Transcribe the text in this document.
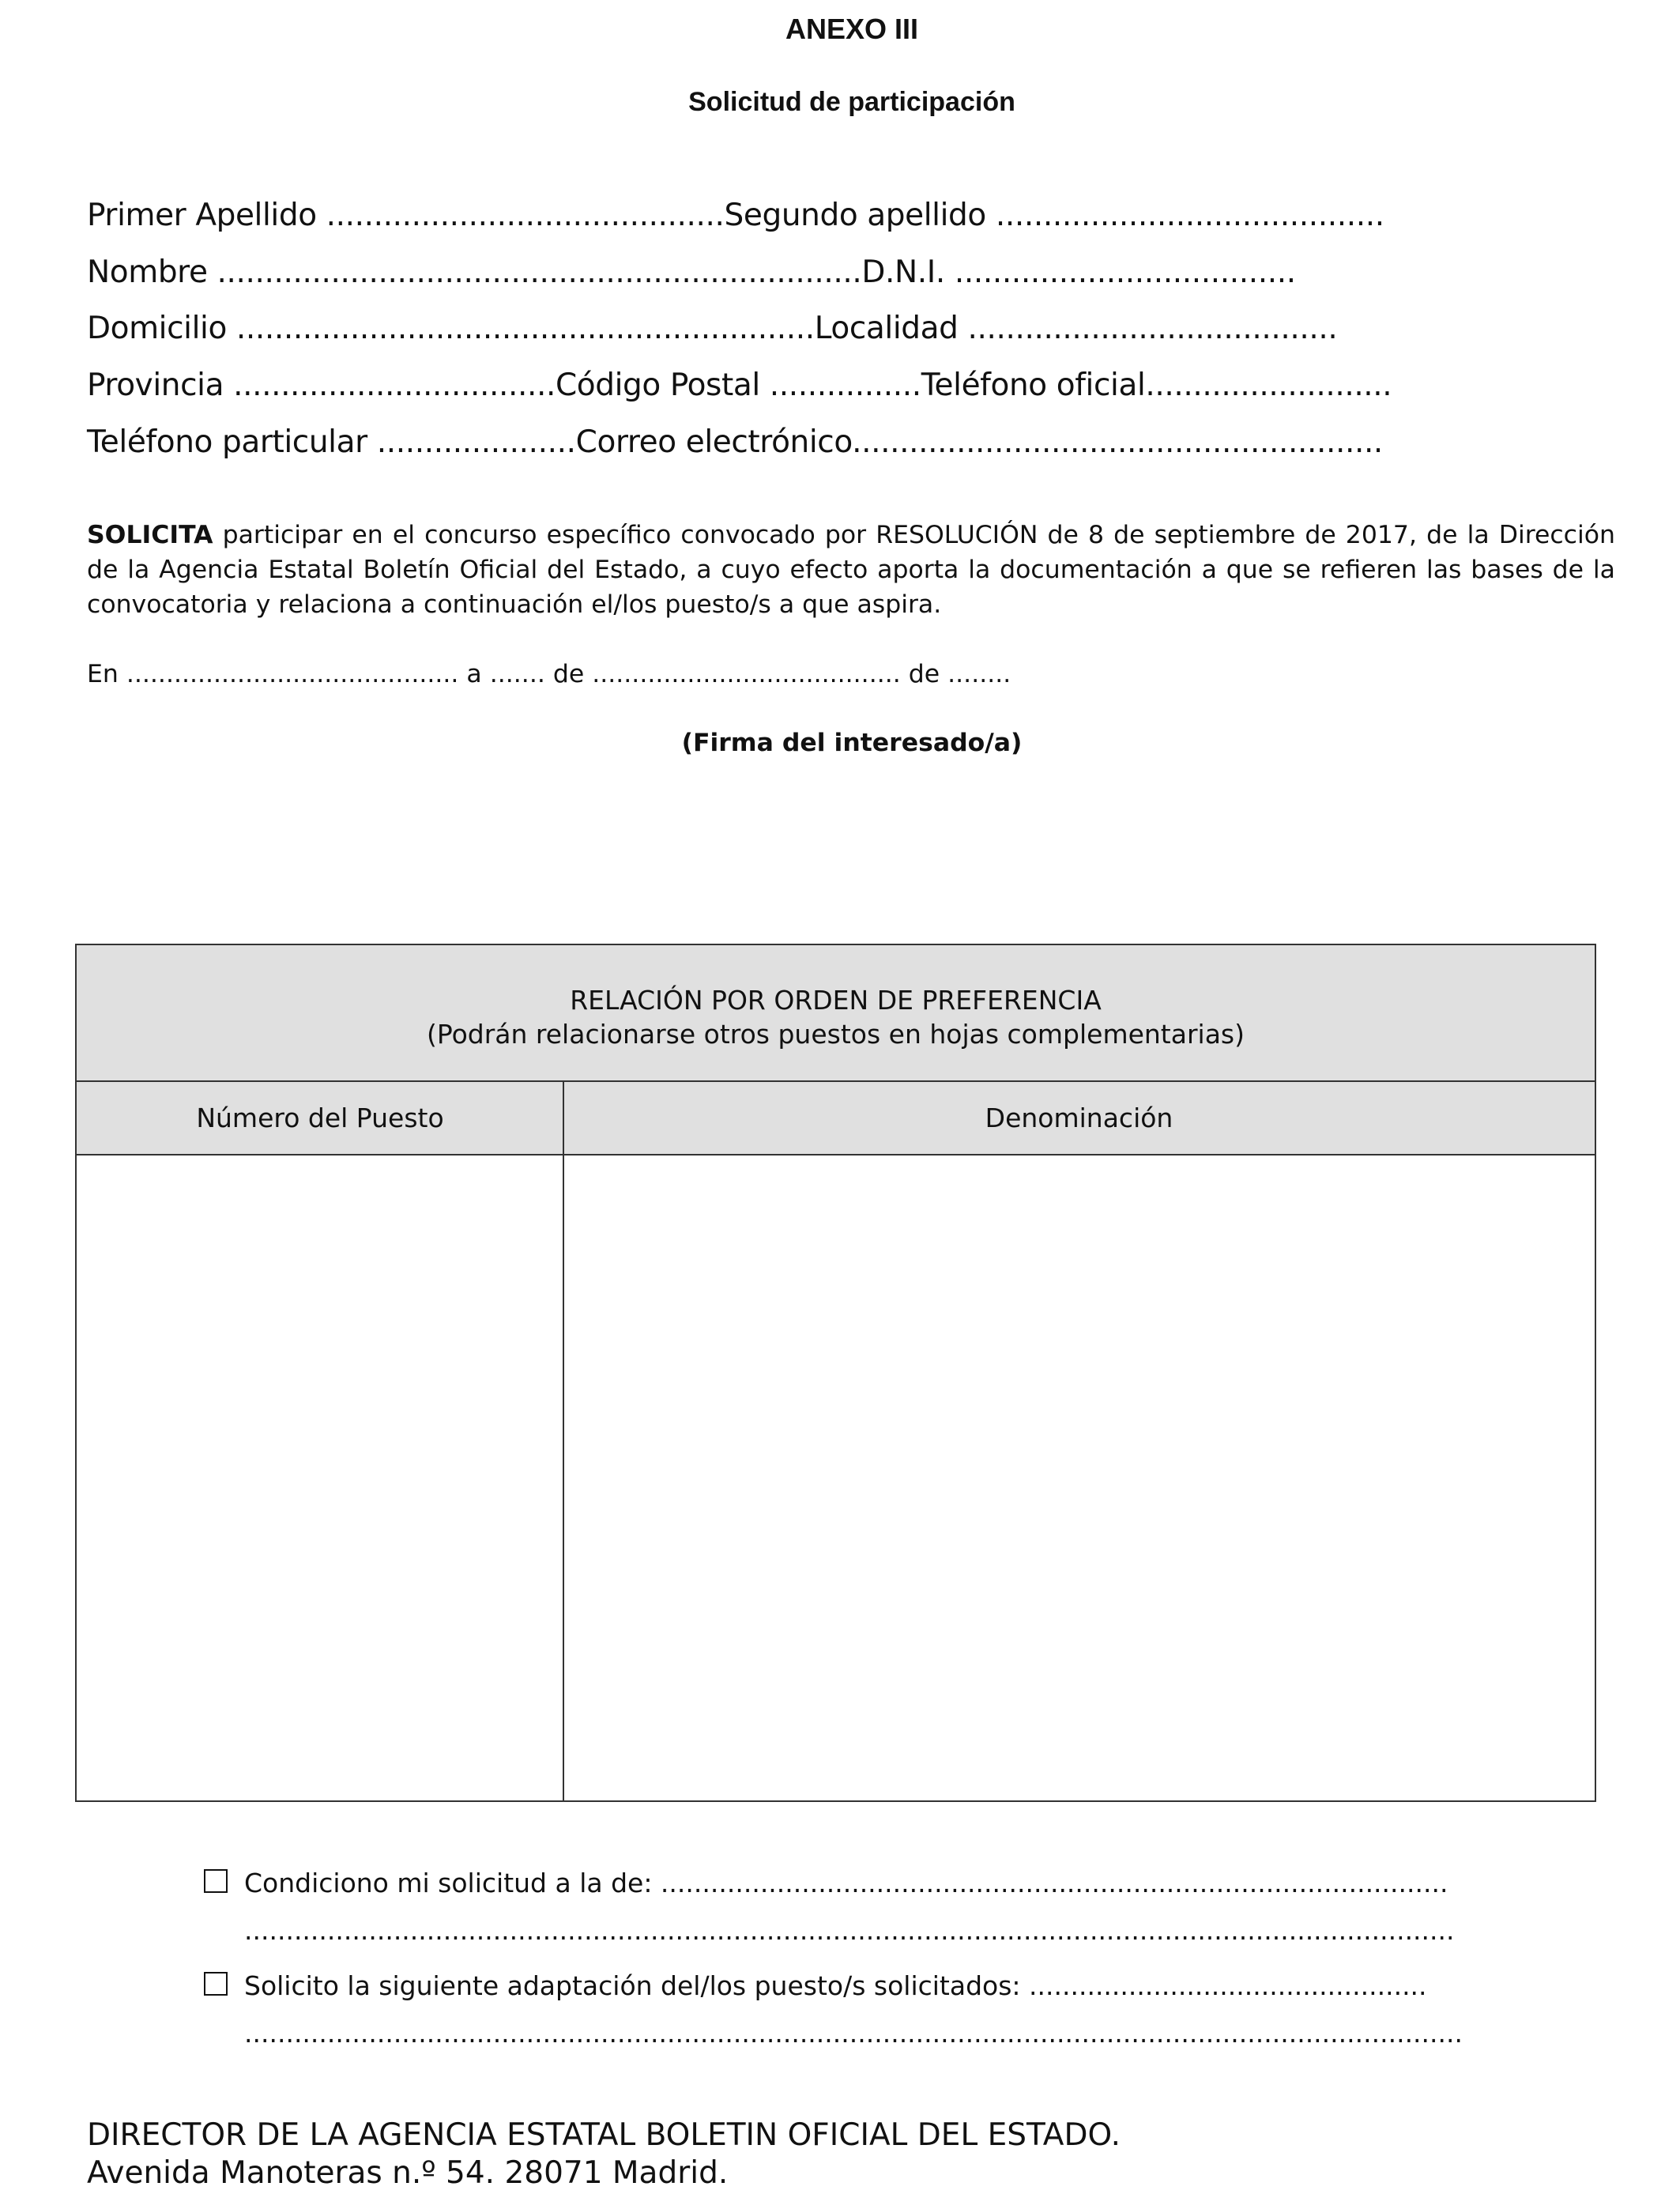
ANEXO III
Solicitud de participación
Primer Apellido ..........................................Segundo apellido .........................................
Nombre ....................................................................D.N.I. ....................................
Domicilio .............................................................Localidad .......................................
Provincia ..................................Código Postal ................Teléfono oficial..........................
Teléfono particular .....................Correo electrónico........................................................
SOLICITA participar en el concurso específico convocado por RESOLUCIÓN de 8 de septiembre de 2017, de la Dirección de la Agencia Estatal Boletín Oficial del Estado, a cuyo efecto aporta la documentación a que se refieren las bases de la convocatoria y relaciona a continuación el/los puesto/s a que aspira.
En .......................................... a ....... de ....................................... de ........
(Firma del interesado/a)
RELACIÓN POR ORDEN DE PREFERENCIA
(Podrán relacionarse otros puestos en hojas complementarias)
Número del Puesto	Denominación
Condiciono mi solicitud a la de: ...............................................................................................
..................................................................................................................................................
Solicito la siguiente adaptación del/los puesto/s solicitados: ................................................
...................................................................................................................................................
DIRECTOR DE LA AGENCIA ESTATAL BOLETIN OFICIAL DEL ESTADO.
Avenida Manoteras n.º 54. 28071 Madrid.
